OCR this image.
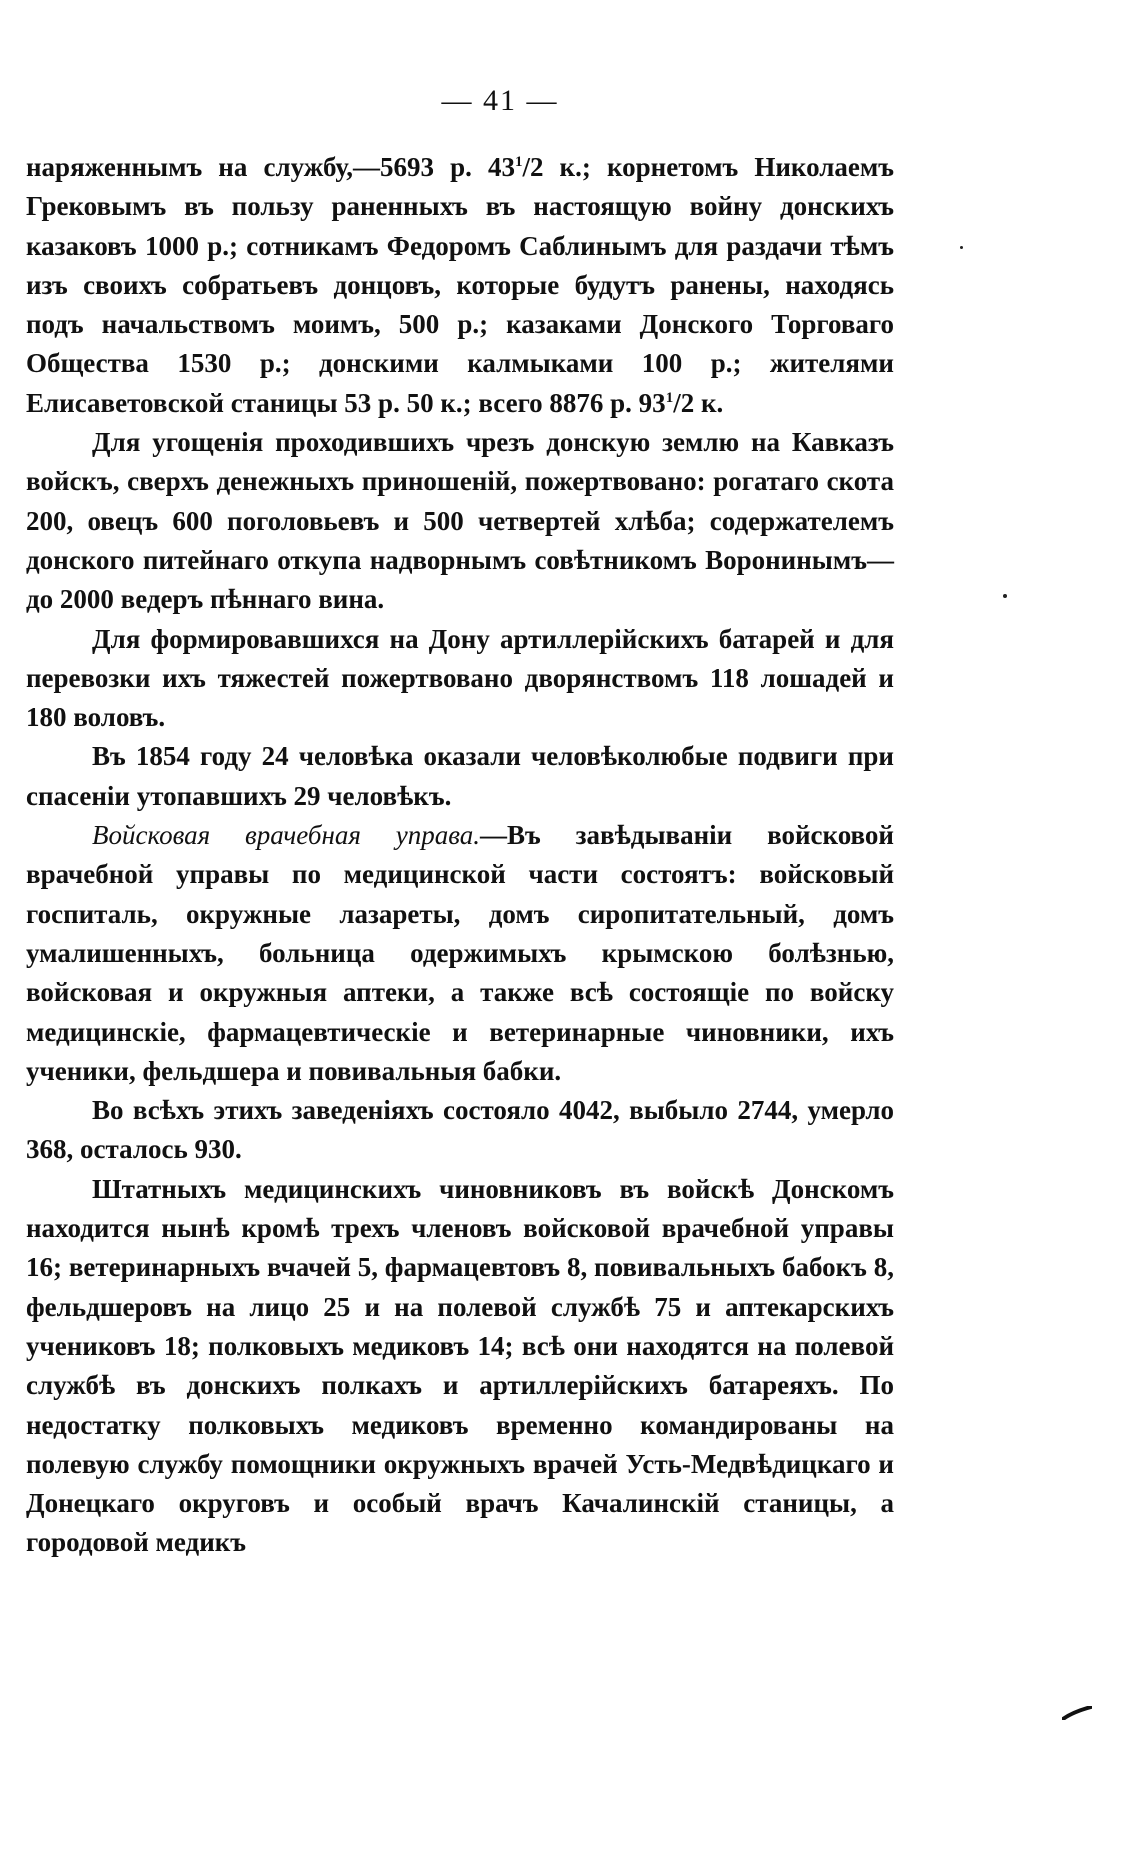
— 41 —

наряженнымъ на службу,—5693 р. $43^1/2$ к.; корнетомъ Николаемъ Грековымъ въ пользу раненныхъ въ настоящую войну донскихъ казаковъ 1000 р.; сотникамъ Федоромъ Саблинымъ для раздачи тѣмъ изъ своихъ собратьевъ донцовъ, которые будутъ ранены, находясь подъ начальствомъ моимъ, 500 р.; казаками Донского Торговаго Общества 1530 р.; донскими калмыками 100 р.; жителями Елисаветовской станицы 53 р. 50 к.; всего 8876 р. $93^1/2$ к.

Для угощенія проходившихъ чрезъ донскую землю на Кавказъ войскъ, сверхъ денежныхъ приношеній, пожертвовано: рогатаго скота 200, овецъ 600 поголовьевъ и 500 четвертей хлѣба; содержателемъ донского питейнаго откупа надворнымъ совѣтникомъ Воронинымъ— до 2000 ведеръ пѣннаго вина.

Для формировавшихся на Дону артиллерійскихъ батарей и для перевозки ихъ тяжестей пожертвовано дворянствомъ 118 лошадей и 180 воловъ.

Въ 1854 году 24 человѣка оказали человѣколюбые подвиги при спасеніи утопавшихъ 29 человѣкъ.

Войсковая врачебная управа.—Въ завѣдываніи войсковой врачебной управы по медицинской части состоятъ: войсковый госпиталь, окружные лазареты, домъ сиропитательный, домъ умалишенныхъ, больница одержимыхъ крымскою болѣзнью, войсковая и окружныя аптеки, а также всѣ состоящіе по войску медицинскіе, фармацевтическіе и ветеринарные чиновники, ихъ ученики, фельдшера и повивальныя бабки.

Во всѣхъ этихъ заведеніяхъ состояло 4042, выбыло 2744, умерло 368, осталось 930.

Штатныхъ медицинскихъ чиновниковъ въ войскѣ Донскомъ находится нынѣ кромѣ трехъ членовъ войсковой врачебной управы 16; ветеринарныхъ вчачей 5, фармацевтовъ 8, повивальныхъ бабокъ 8, фельдшеровъ на лицо 25 и на полевой службѣ 75 и аптекарскихъ учениковъ 18; полковыхъ медиковъ 14; всѣ они находятся на полевой службѣ въ донскихъ полкахъ и артиллерійскихъ батареяхъ. По недостатку полковыхъ медиковъ временно командированы на полевую службу помощники окружныхъ врачей Усть-Медвѣдицкаго и Донецкаго округовъ и особый врачъ Качалинскій станицы, а городовой медикъ
